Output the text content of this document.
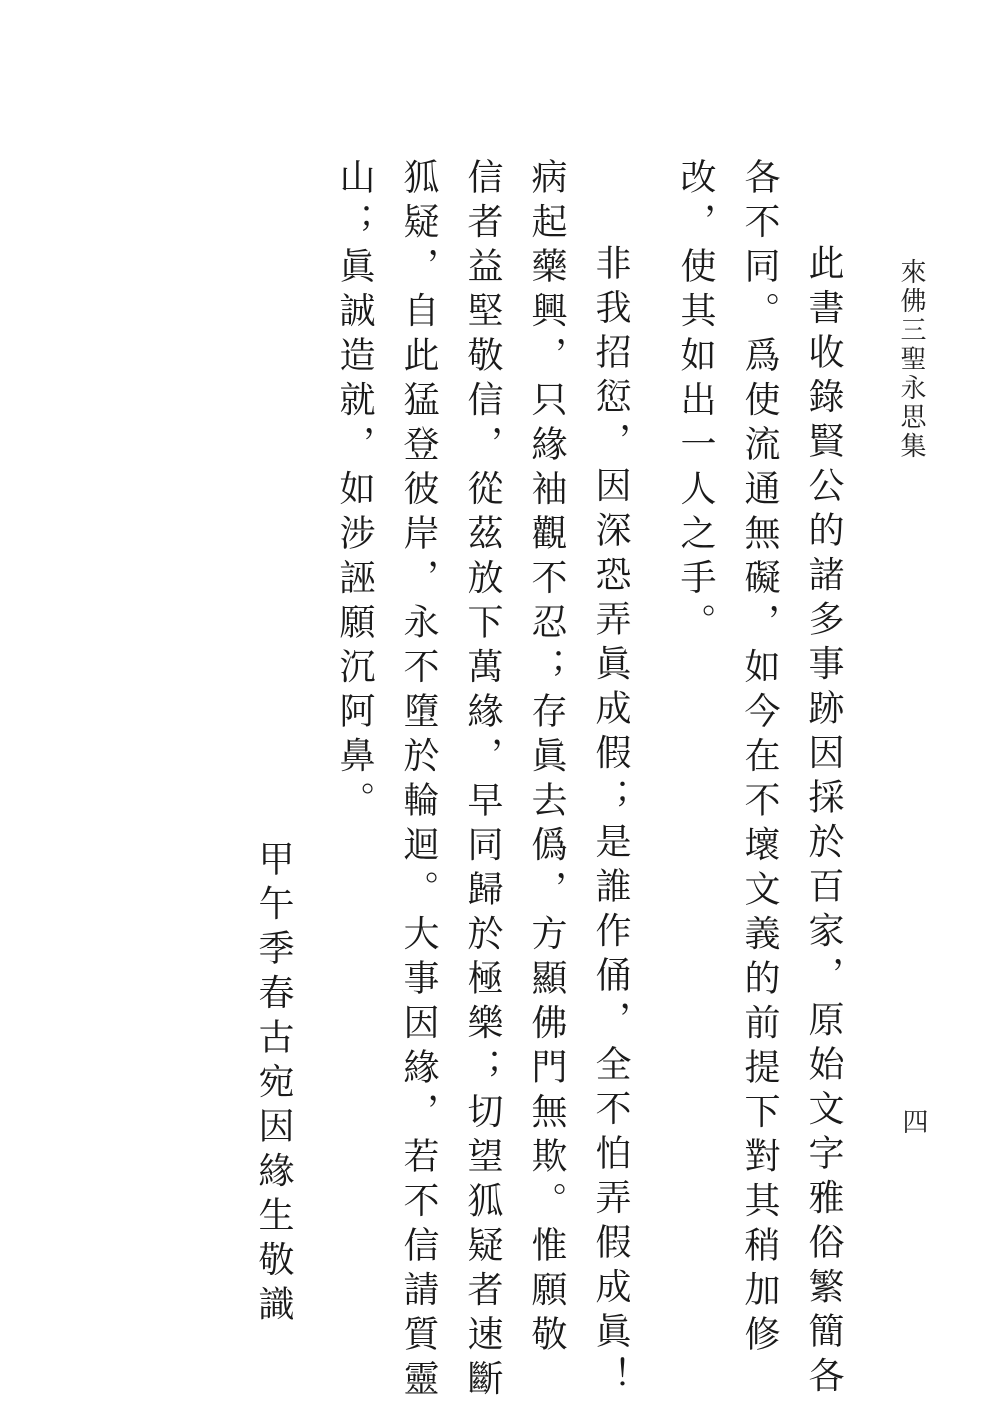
來佛三聖永思集
四
此書收錄賢公的諸多事跡因採於百家，原始文字雅俗繁簡各
各不同。爲使流通無礙，如今在不壞文義的前提下對其稍加修
改，使其如出一人之手。
非我招愆，因深恐弄眞成假；是誰作俑，全不怕弄假成眞！
病起藥興，只緣袖觀不忍；存眞去僞，方顯佛門無欺。惟願敬
信者益堅敬信，從茲放下萬緣，早同歸於極樂；切望狐疑者速斷
狐疑，自此猛登彼岸，永不墮於輪迴。大事因緣，若不信請質靈
山；眞誠造就，如涉誣願沉阿鼻。
甲午季春古宛因緣生敬識
